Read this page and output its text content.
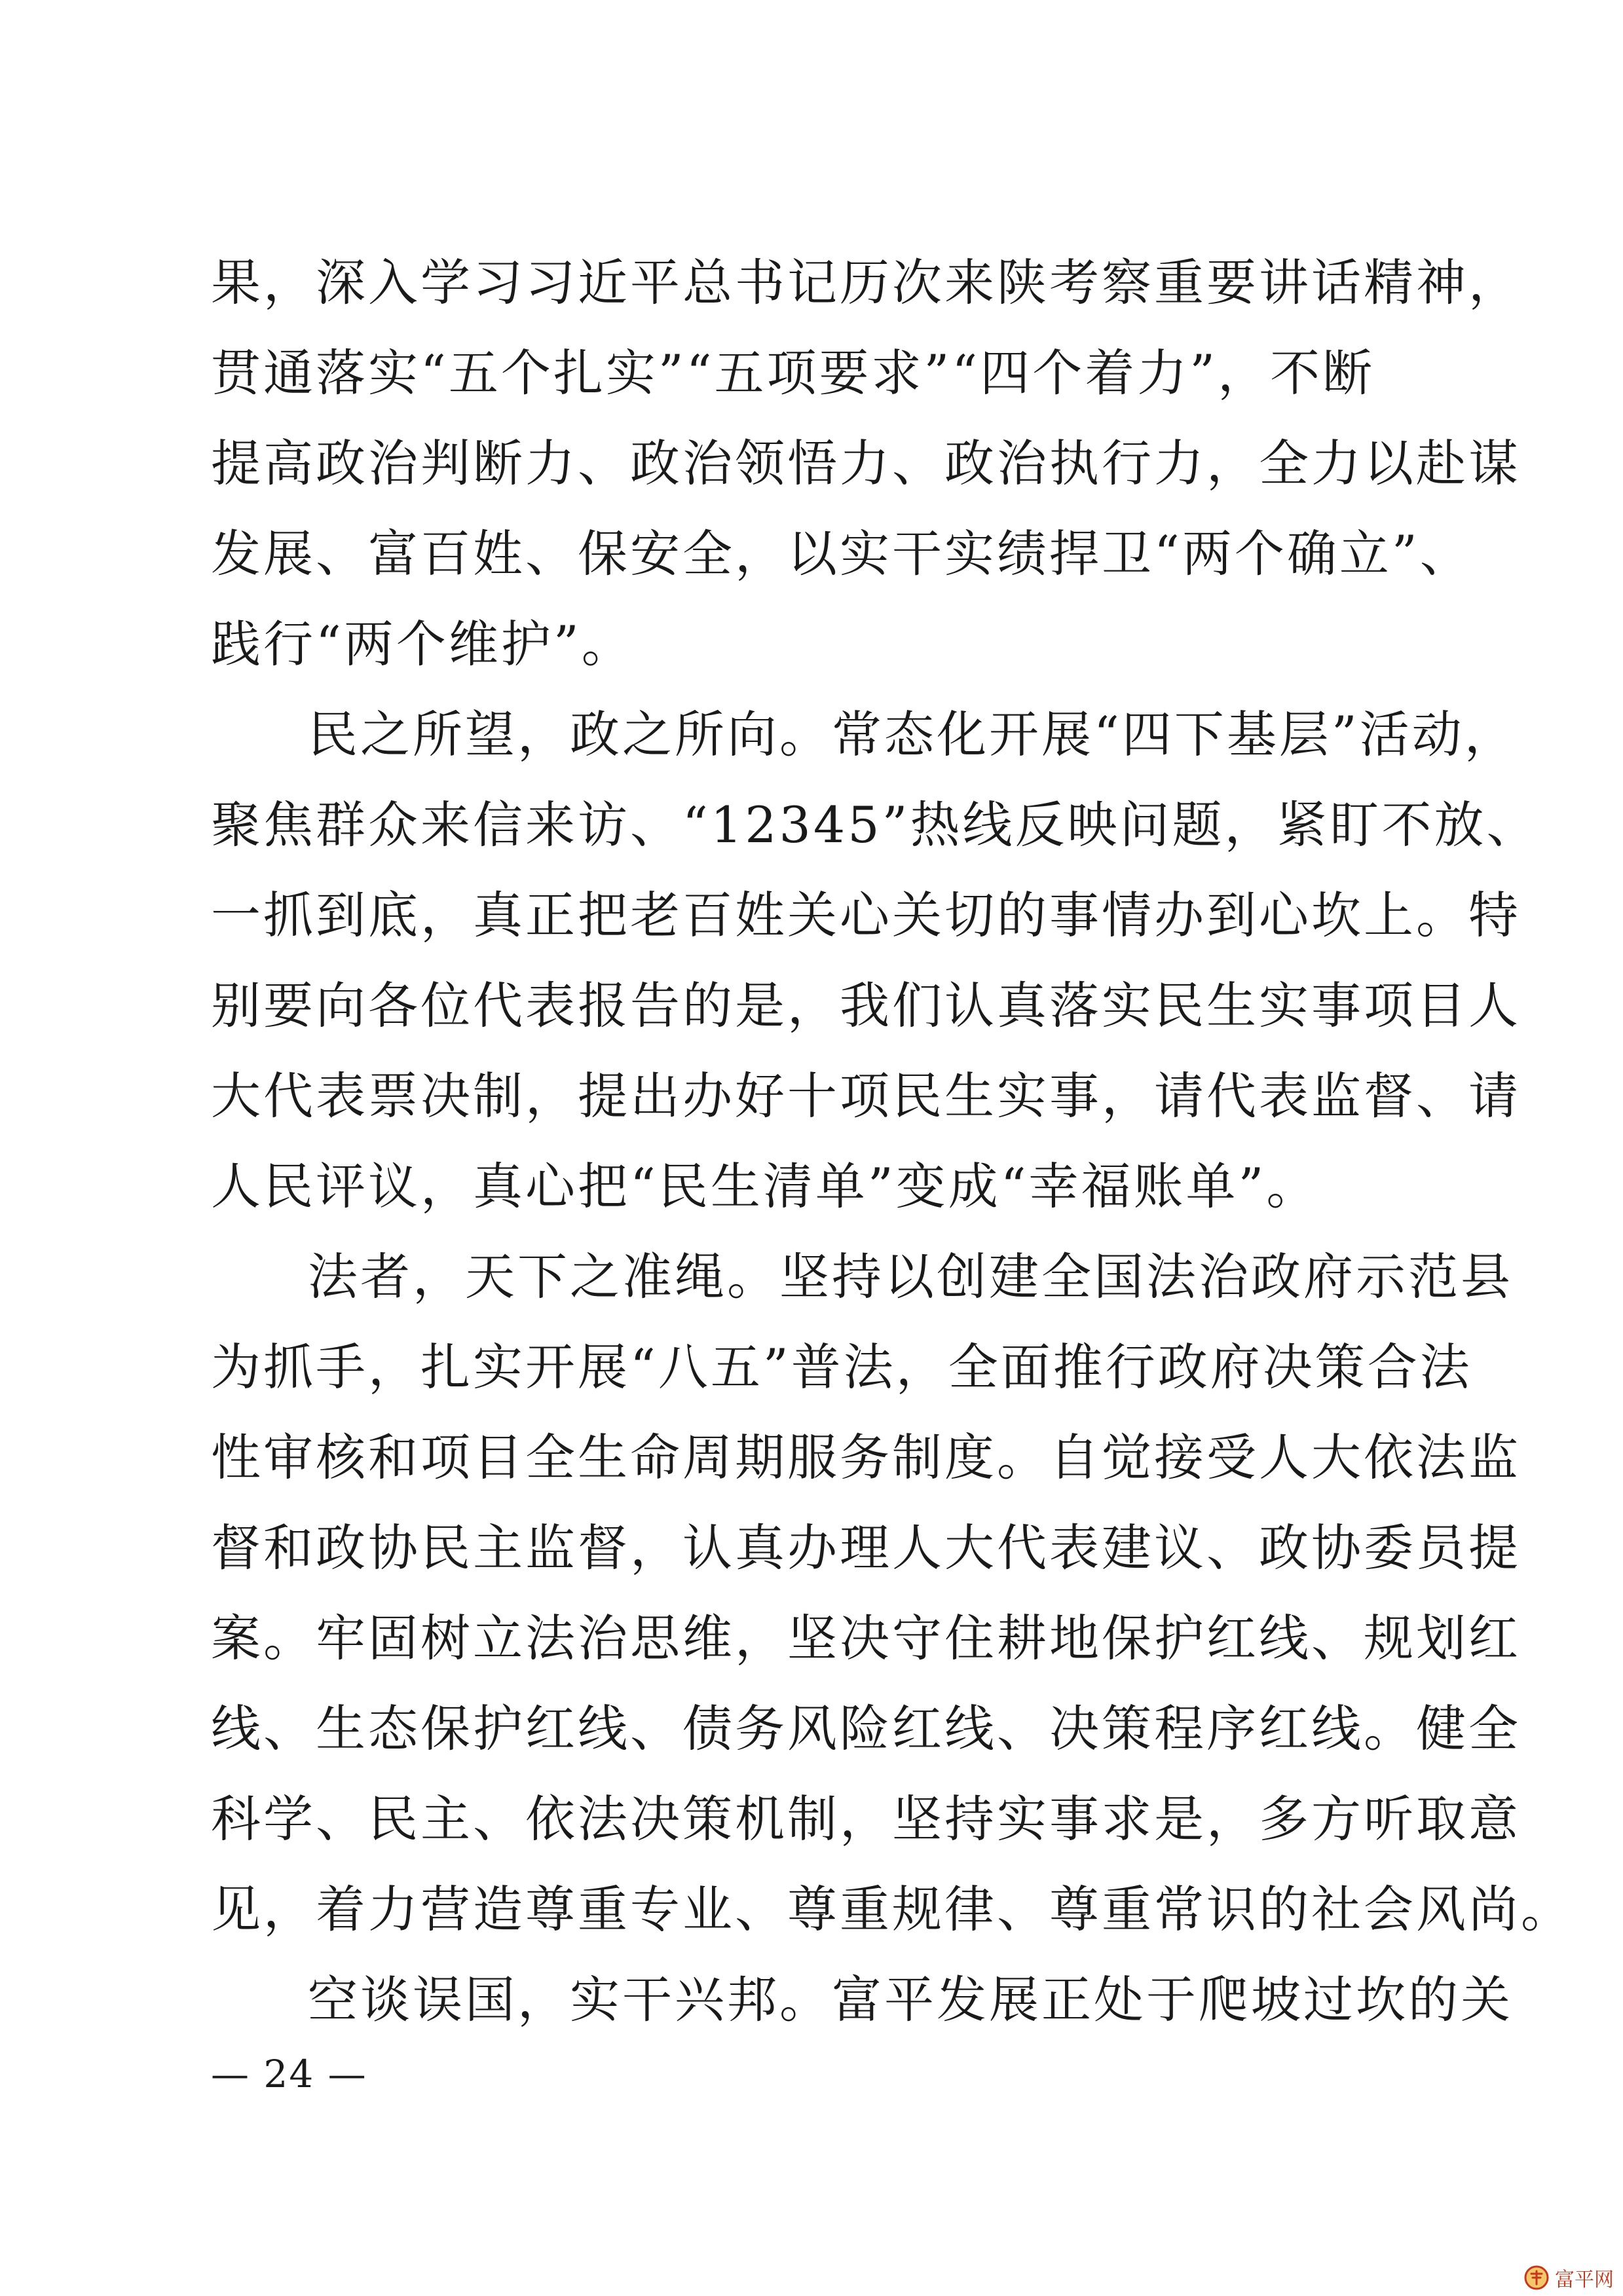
果，深入学习习近平总书记历次来陕考察重要讲话精神，
贯通落实“五个扎实”“五项要求”“四个着力”，不断
提高政治判断力、政治领悟力、政治执行力，全力以赴谋
发展、富百姓、保安全，以实干实绩捍卫“两个确立”、
践行“两个维护”。
民之所望，政之所向。常态化开展“四下基层”活动，
聚焦群众来信来访、“12345”热线反映问题，紧盯不放、
一抓到底，真正把老百姓关心关切的事情办到心坎上。特
别要向各位代表报告的是，我们认真落实民生实事项目人
大代表票决制，提出办好十项民生实事，请代表监督、请
人民评议，真心把“民生清单”变成“幸福账单”。
法者，天下之准绳。坚持以创建全国法治政府示范县
为抓手，扎实开展“八五”普法，全面推行政府决策合法
性审核和项目全生命周期服务制度。自觉接受人大依法监
督和政协民主监督，认真办理人大代表建议、政协委员提
案。牢固树立法治思维，坚决守住耕地保护红线、规划红
线、生态保护红线、债务风险红线、决策程序红线。健全
科学、民主、依法决策机制，坚持实事求是，多方听取意
见，着力营造尊重专业、尊重规律、尊重常识的社会风尚。
空谈误国，实干兴邦。富平发展正处于爬坡过坎的关
— 24 —
富平网
